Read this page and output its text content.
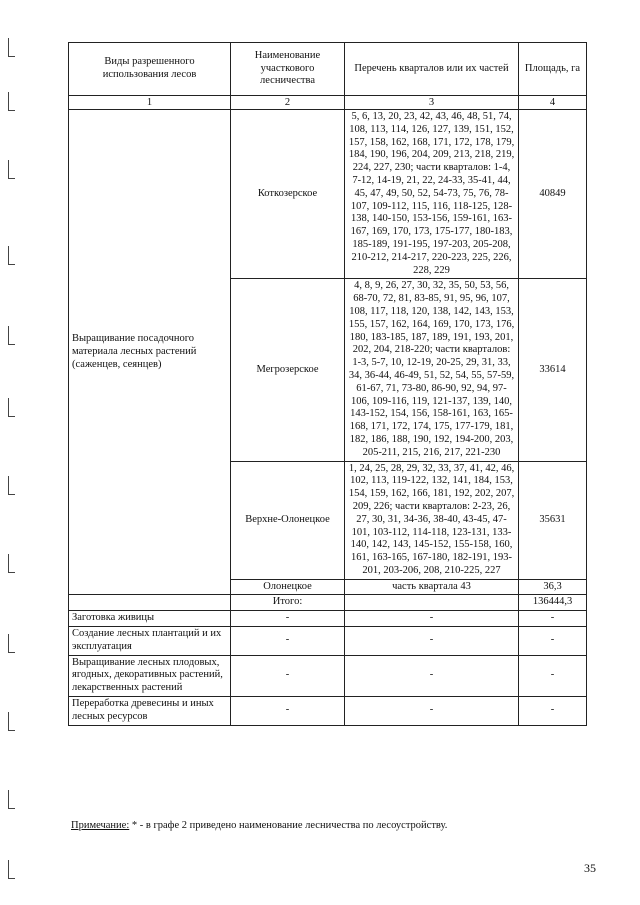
Виды разрешенного использования лесов	Наименование участкового лесничества	Перечень кварталов или их частей	Площадь, га
1	2	3	4
Выращивание посадочного материала лесных растений (саженцев, сеянцев)	Коткозерское	5, 6, 13, 20, 23, 42, 43, 46, 48, 51, 74, 108, 113, 114, 126, 127, 139, 151, 152, 157, 158, 162, 168, 171, 172, 178, 179, 184, 190, 196, 204, 209, 213, 218, 219, 224, 227, 230; части кварталов: 1-4, 7-12, 14-19, 21, 22, 24-33, 35-41, 44, 45, 47, 49, 50, 52, 54-73, 75, 76, 78-107, 109-112, 115, 116, 118-125, 128-138, 140-150, 153-156, 159-161, 163-167, 169, 170, 173, 175-177, 180-183, 185-189, 191-195, 197-203, 205-208, 210-212, 214-217, 220-223, 225, 226, 228, 229	40849
	Мегрозерское	4, 8, 9, 26, 27, 30, 32, 35, 50, 53, 56, 68-70, 72, 81, 83-85, 91, 95, 96, 107, 108, 117, 118, 120, 138, 142, 143, 153, 155, 157, 162, 164, 169, 170, 173, 176, 180, 183-185, 187, 189, 191, 193, 201, 202, 204, 218-220; части кварталов: 1-3, 5-7, 10, 12-19, 20-25, 29, 31, 33, 34, 36-44, 46-49, 51, 52, 54, 55, 57-59, 61-67, 71, 73-80, 86-90, 92, 94, 97-106, 109-116, 119, 121-137, 139, 140, 143-152, 154, 156, 158-161, 163, 165-168, 171, 172, 174, 175, 177-179, 181, 182, 186, 188, 190, 192, 194-200, 203, 205-211, 215, 216, 217, 221-230	33614
	Верхне-Олонецкое	1, 24, 25, 28, 29, 32, 33, 37, 41, 42, 46, 102, 113, 119-122, 132, 141, 184, 153, 154, 159, 162, 166, 181, 192, 202, 207, 209, 226; части кварталов: 2-23, 26, 27, 30, 31, 34-36, 38-40, 43-45, 47-101, 103-112, 114-118, 123-131, 133-140, 142, 143, 145-152, 155-158, 160, 161, 163-165, 167-180, 182-191, 193-201, 203-206, 208, 210-225, 227	35631
	Олонецкое	часть квартала 43	36,3
	Итого:		136444,3
Заготовка живицы	-	-	-
Создание лесных плантаций и их эксплуатация	-	-	-
Выращивание лесных плодовых, ягодных, декоративных растений, лекарственных растений	-	-	-
Переработка древесины и иных лесных ресурсов	-	-	-
Примечание: * - в графе 2 приведено наименование лесничества по лесоустройству.
35
